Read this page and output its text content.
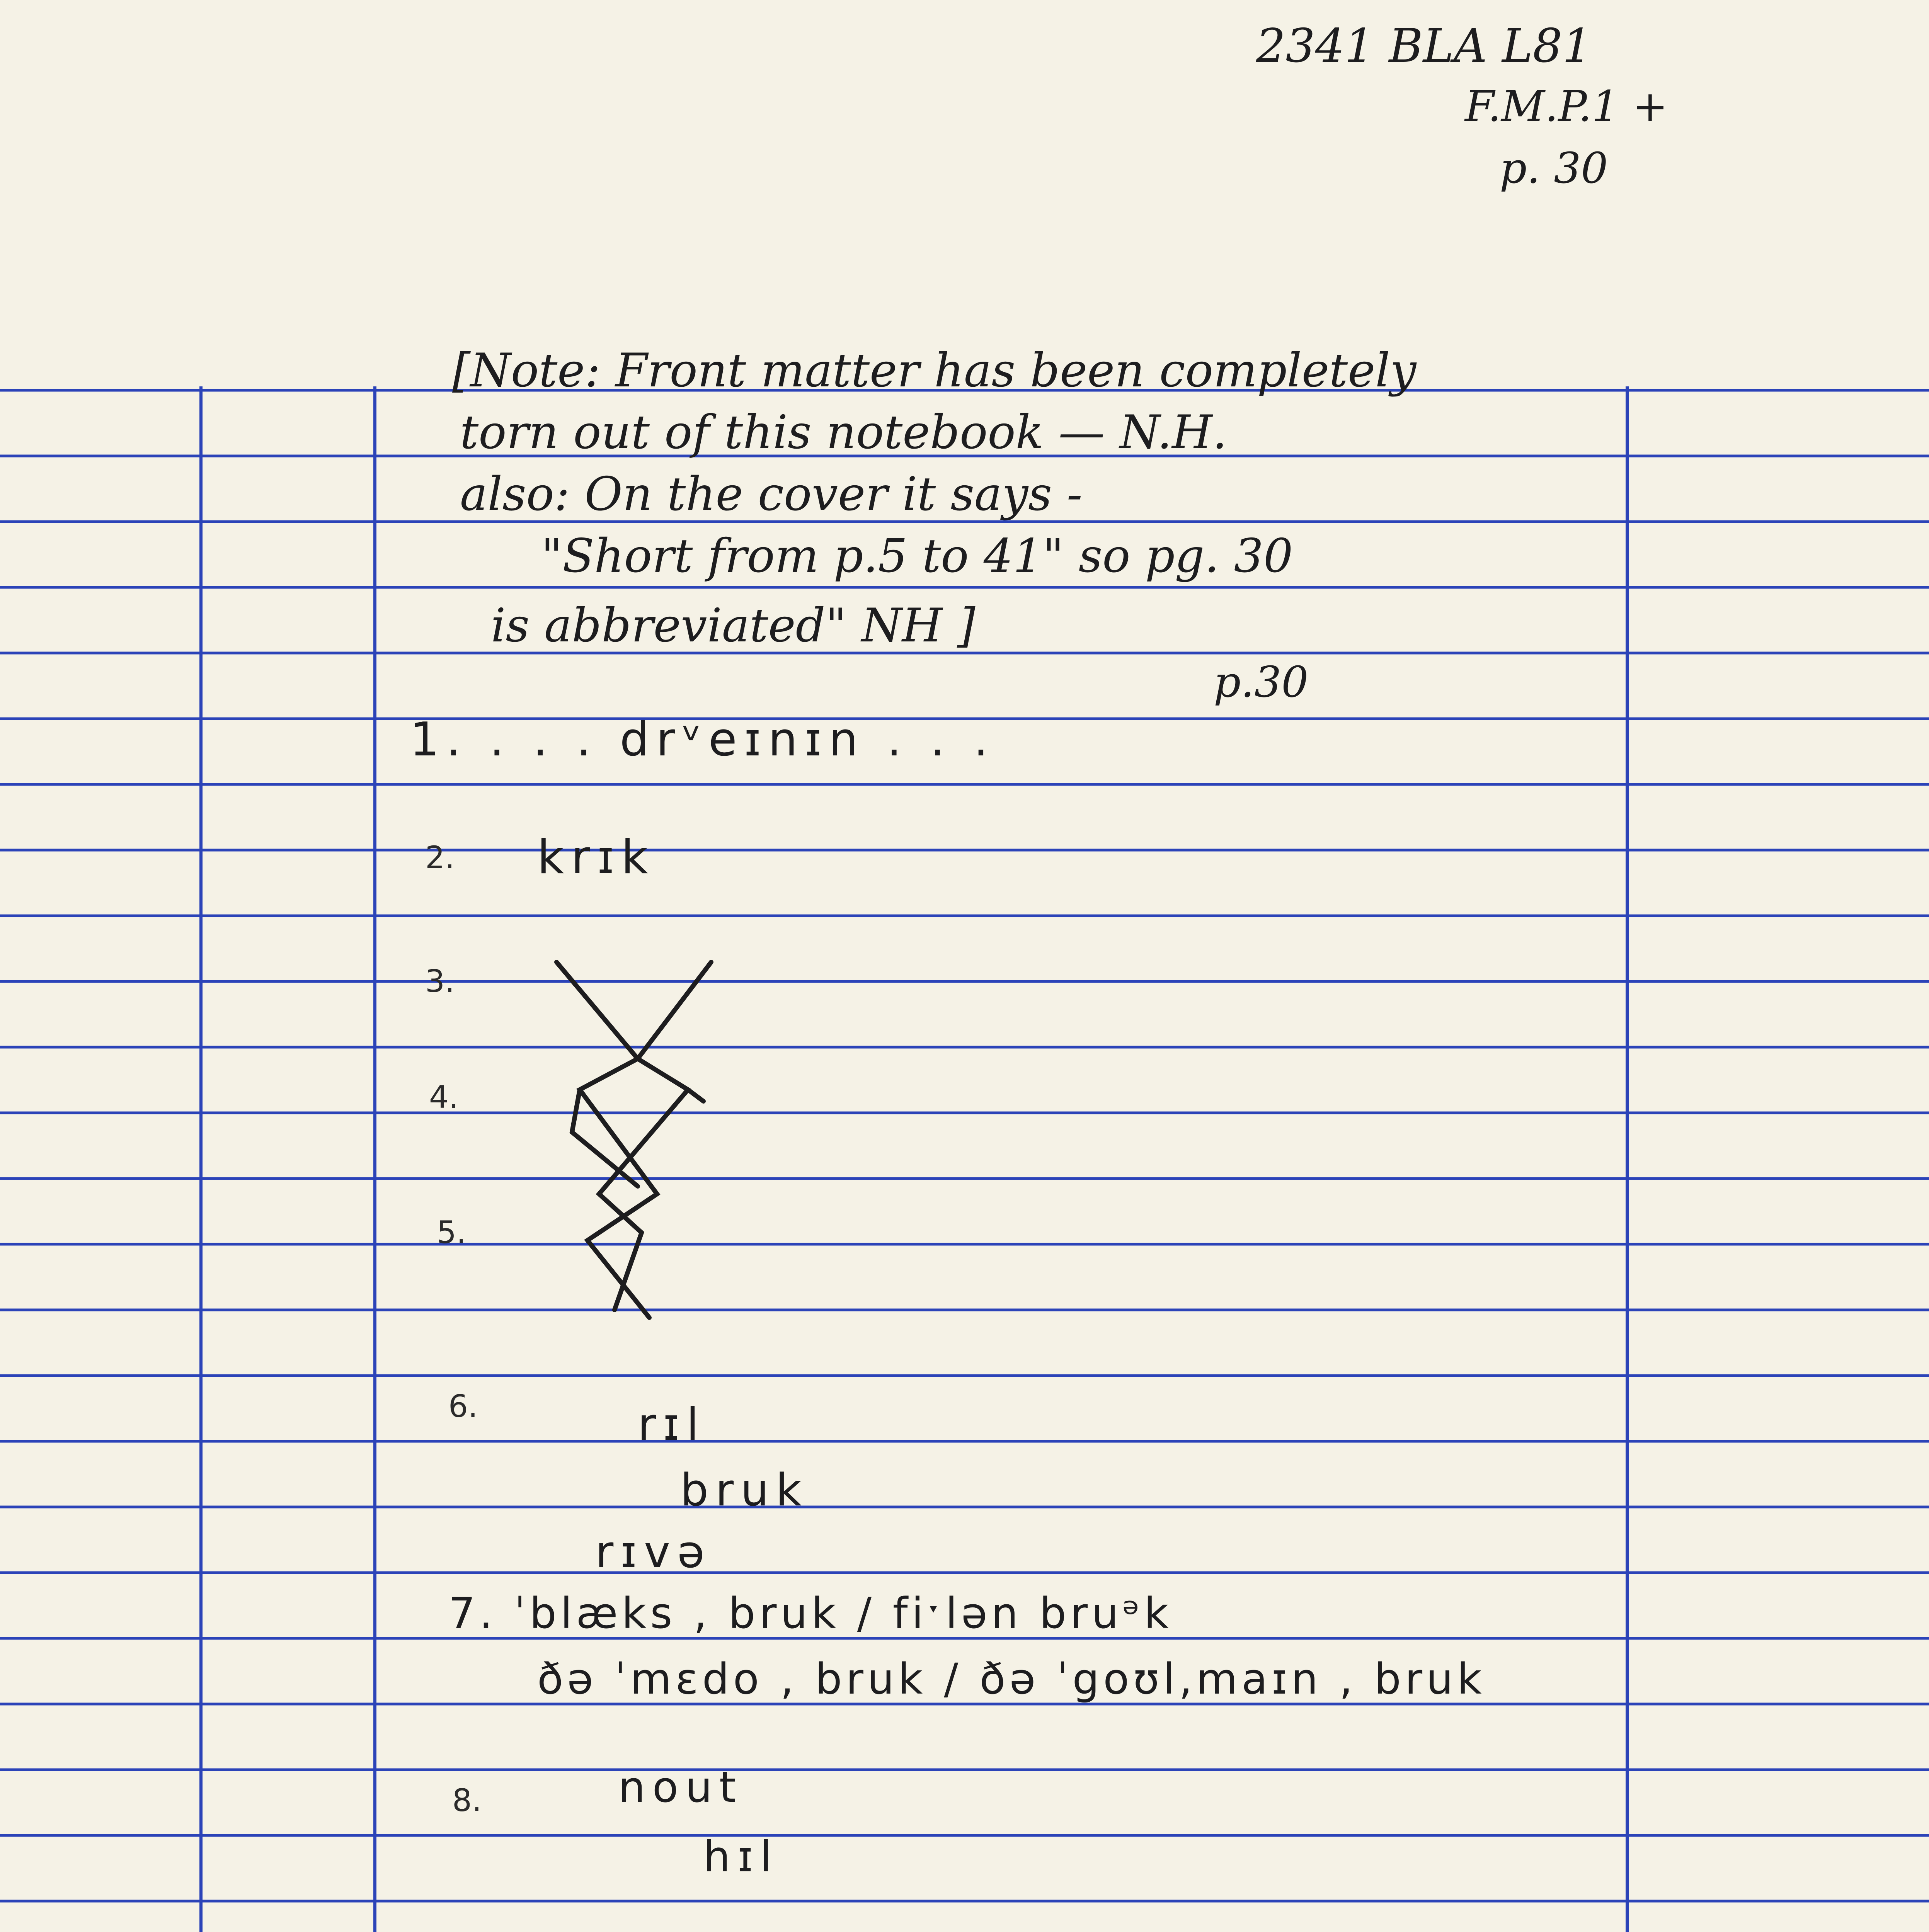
2341 BLA L81
F.M.P.1 +
p. 30
[Note: Front matter has been completely
torn out of this notebook — N.H.
also: On the cover it says -
"Short from p.5 to 41" so pg. 30
is abbreviated" NH ]
p.30
1. . . . drᵛeɪnɪn . . .
2. krɪk
3.
4.
5.
6.	rɪl
bruk
rɪvə
7. ˈblæks , bruk / fiˑlən bruᵊk
ðə ˈmɛdo , bruk / ðə ˈgoʊl,maɪn , bruk
8.	nout
hɪl
